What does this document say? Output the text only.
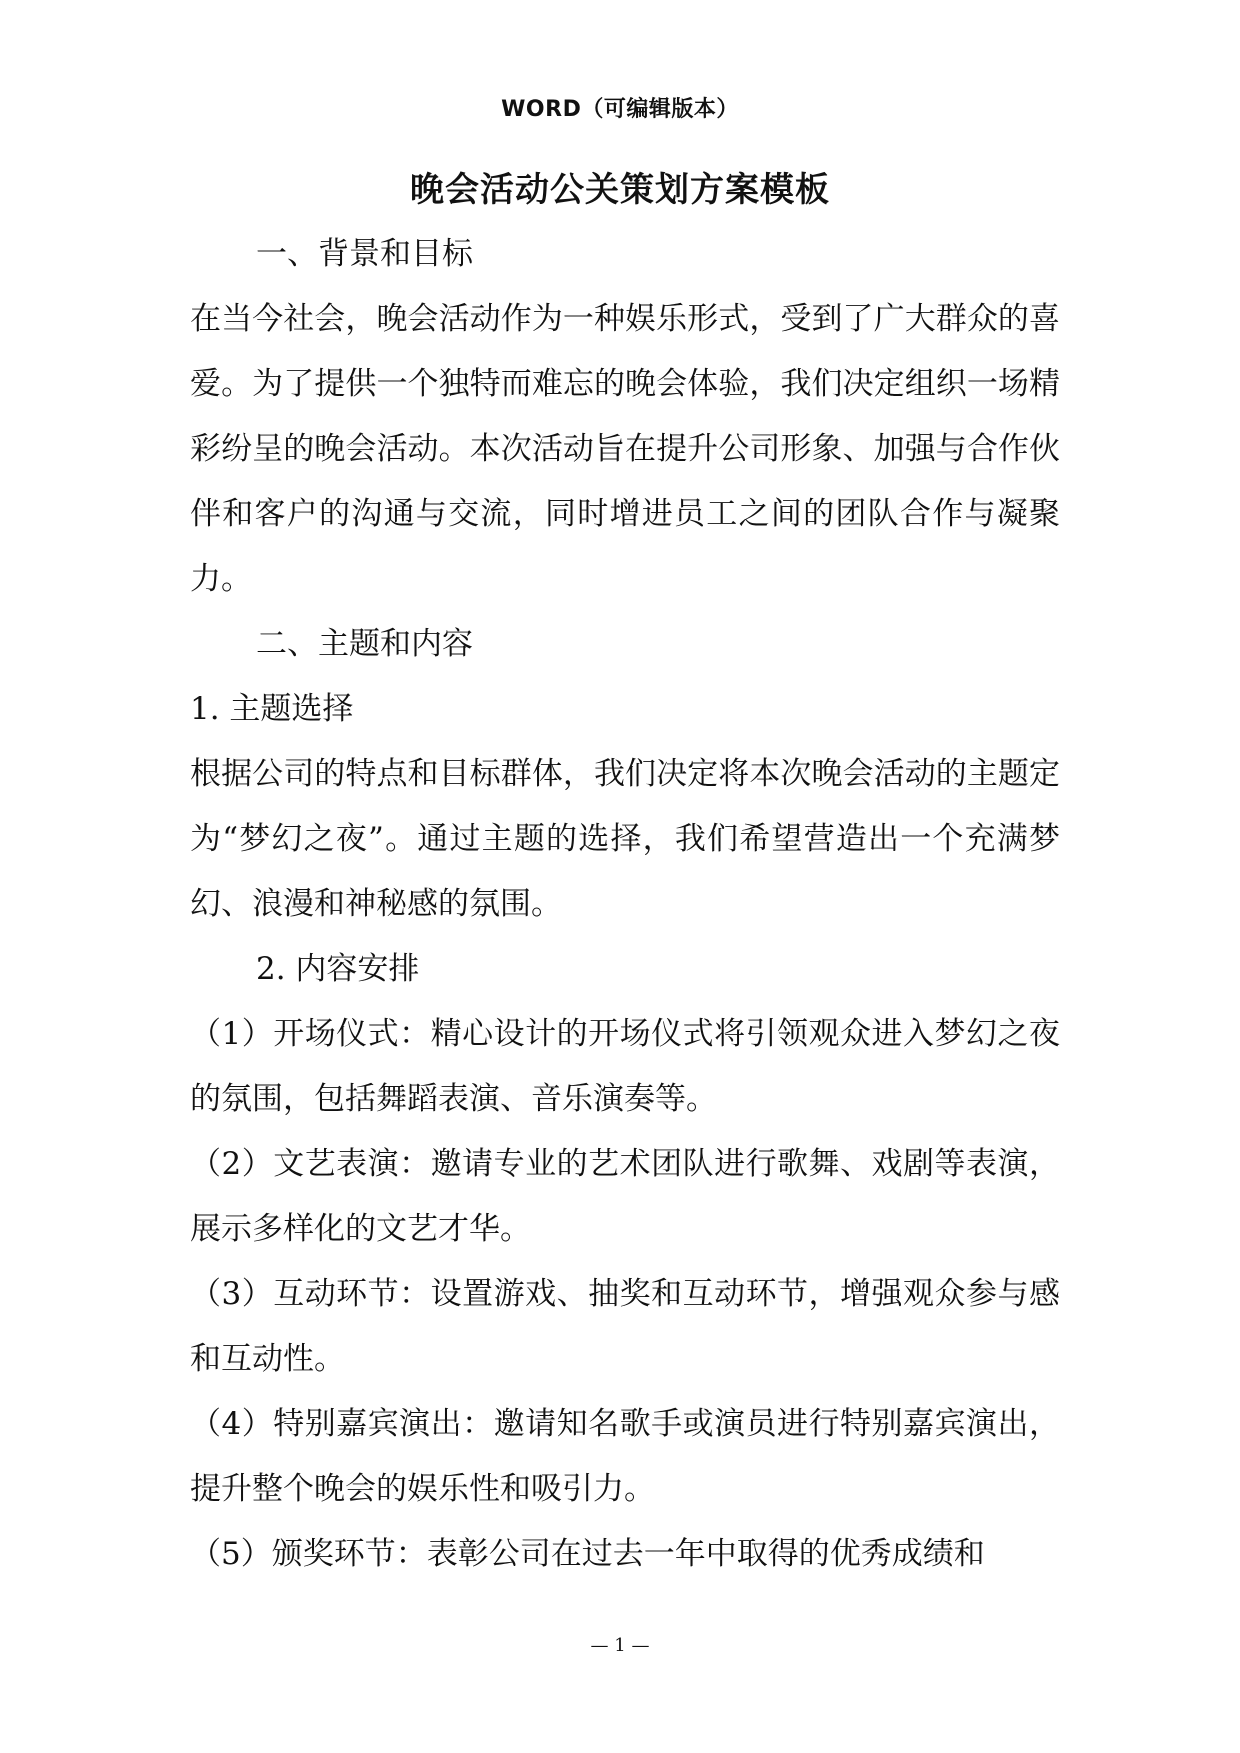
WORD（可编辑版本）
晚会活动公关策划方案模板

一、背景和目标

在当今社会，晚会活动作为一种娱乐形式，受到了广大群众的喜爱。为了提供一个独特而难忘的晚会体验，我们决定组织一场精彩纷呈的晚会活动。本次活动旨在提升公司形象、加强与合作伙伴和客户的沟通与交流，同时增进员工之间的团队合作与凝聚力。

二、主题和内容

1. 主题选择

根据公司的特点和目标群体，我们决定将本次晚会活动的主题定为“梦幻之夜”。通过主题的选择，我们希望营造出一个充满梦幻、浪漫和神秘感的氛围。

2. 内容安排

（1）开场仪式：精心设计的开场仪式将引领观众进入梦幻之夜的氛围，包括舞蹈表演、音乐演奏等。

（2）文艺表演：邀请专业的艺术团队进行歌舞、戏剧等表演，展示多样化的文艺才华。

（3）互动环节：设置游戏、抽奖和互动环节，增强观众参与感和互动性。

（4）特别嘉宾演出：邀请知名歌手或演员进行特别嘉宾演出，提升整个晚会的娱乐性和吸引力。

（5）颁奖环节：表彰公司在过去一年中取得的优秀成绩和

— 1 —
